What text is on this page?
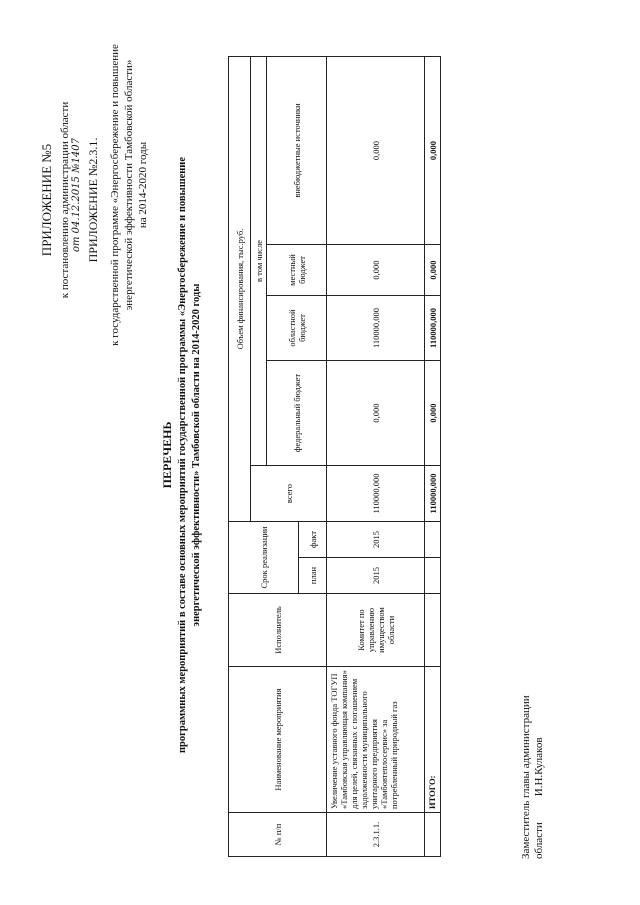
ПРИЛОЖЕНИЕ №5 к постановлению администрации области от 04.12.2015 №1407 ПРИЛОЖЕНИЕ №2.3.1. к государственной программе «Энергосбережение и повышение энергетической эффективности Тамбовской области» на 2014-2020 годы
ПЕРЕЧЕНЬ программных мероприятий в составе основных мероприятий государственной программы «Энергосбережение и повышение энергетической эффективности» Тамбовской области на 2014-2020 годы
№ п/п	Наименование мероприятия	Исполнитель	Срок реализации		Объем финансирования, тыс.руб.				
					всего	в том числе			
						федеральный бюджет	областной бюджет	местный бюджет	внебюджетные источники
			план	факт					
2.3.1.1.	Увеличение уставного фонда ТОГУП «Тамбовская управляющая компания» для целей, связанных с погашением задолженности муниципального унитарного предприятия «Тамбовтеплосервис» за потребленный природный газ	Комитет по управлению имуществом области	2015	2015	110000,000	0,000	110000,000	0,000	0,000
	ИТОГО:				110000,000	0,000	110000,000	0,000	0,000
Заместитель главы администрации области И.Н.Кулаков
